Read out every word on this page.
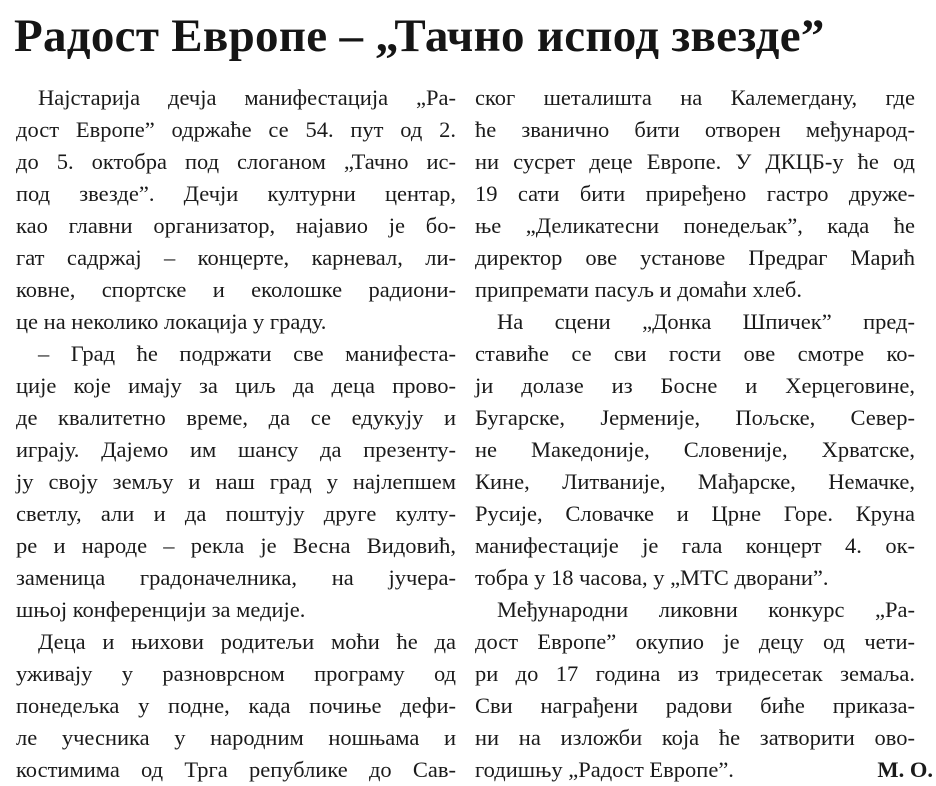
Радост Европе – „Тачно испод звезде”
Најстарија дечја манифестација „Ра-
дост Европе” одржаће се 54. пут од 2.
до 5. октобра под слоганом „Тачно ис-
под звезде”. Дечји културни центар,
као главни организатор, најавио је бо-
гат садржај – концерте, карневал, ли-
ковне, спортске и еколошке радиони-
це на неколико локација у граду.
– Град ће подржати све манифеста-
ције које имају за циљ да деца прово-
де квалитетно време, да се едукују и
играју. Дајемо им шансу да презенту-
ју своју земљу и наш град у најлепшем
светлу, али и да поштују друге култу-
ре и народе – рекла је Весна Видовић,
заменица градоначелника, на јучера-
шњој конференцији за медије.
Деца и њихови родитељи моћи ће да
уживају у разноврсном програму од
понедељка у подне, када почиње дефи-
ле учесника у народним ношњама и
костимима од Трга републике до Сав-
ског шеталишта на Калемегдану, где
ће званично бити отворен међународ-
ни сусрет деце Европе. У ДКЦБ-у ће од
19 сати бити приређено гастро друже-
ње „Деликатесни понедељак”, када ће
директор ове установе Предраг Марић
припремати пасуљ и домаћи хлеб.
На сцени „Донка Шпичек” пред-
ставиће се сви гости ове смотре ко-
ји долазе из Босне и Херцеговине,
Бугарске, Јерменије, Пољске, Север-
не Македоније, Словеније, Хрватске,
Кине, Литваније, Мађарске, Немачке,
Русије, Словачке и Црне Горе. Круна
манифестације је гала концерт 4. ок-
тобра у 18 часова, у „МТС дворани”.
Међународни ликовни конкурс „Ра-
дост Европе” окупио је децу од чети-
ри до 17 година из тридесетак земаља.
Сви награђени радови биће приказа-
ни на изложби која ће затворити ово-
годишњу „Радост Европе”.	М. О.
